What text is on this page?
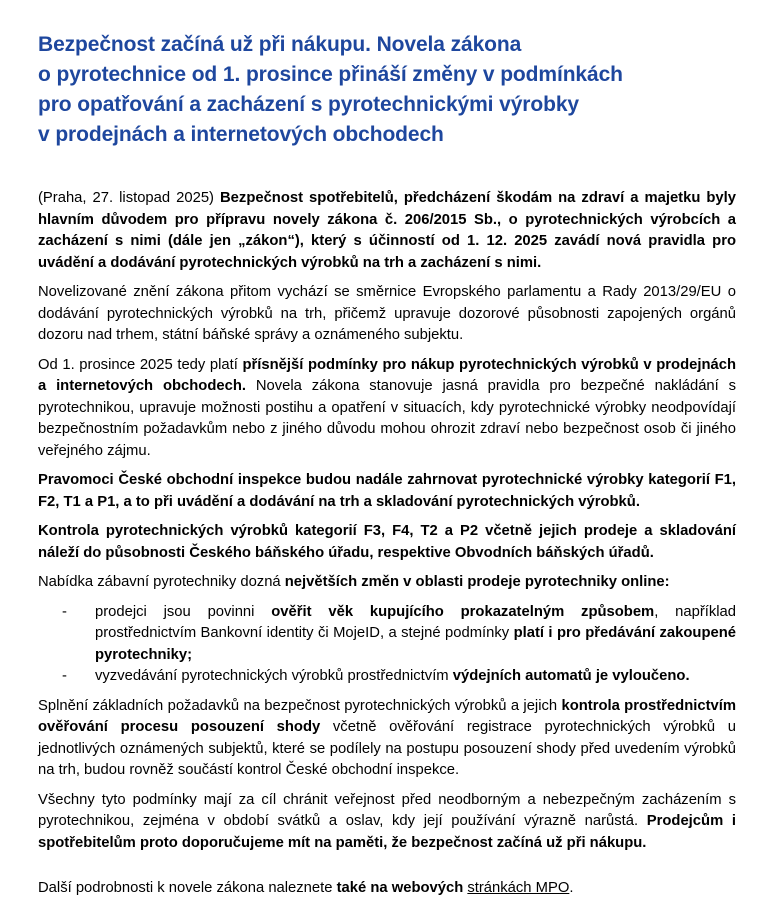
Bezpečnost začíná už při nákupu. Novela zákona
o pyrotechnice od 1. prosince přináší změny v podmínkách
pro opatřování a zacházení s pyrotechnickými výrobky
v prodejnách a internetových obchodech
(Praha, 27. listopad 2025) Bezpečnost spotřebitelů, předcházení škodám na zdraví a majetku byly hlavním důvodem pro přípravu novely zákona č. 206/2015 Sb., o pyrotechnických výrobcích a zacházení s nimi (dále jen „zákon“), který s účinností od 1. 12. 2025 zavádí nová pravidla pro uvádění a dodávání pyrotechnických výrobků na trh a zacházení s nimi.
Novelizované znění zákona přitom vychází se směrnice Evropského parlamentu a Rady 2013/29/EU o dodávání pyrotechnických výrobků na trh, přičemž upravuje dozorové působnosti zapojených orgánů dozoru nad trhem, státní báňské správy a oznámeného subjektu.
Od 1. prosince 2025 tedy platí přísnější podmínky pro nákup pyrotechnických výrobků v prodejnách a internetových obchodech. Novela zákona stanovuje jasná pravidla pro bezpečné nakládání s pyrotechnikou, upravuje možnosti postihu a opatření v situacích, kdy pyrotechnické výrobky neodpovídají bezpečnostním požadavkům nebo z jiného důvodu mohou ohrozit zdraví nebo bezpečnost osob či jiného veřejného zájmu.
Pravomoci České obchodní inspekce budou nadále zahrnovat pyrotechnické výrobky kategorií F1, F2, T1 a P1, a to při uvádění a dodávání na trh a skladování pyrotechnických výrobků.
Kontrola pyrotechnických výrobků kategorií F3, F4, T2 a P2 včetně jejich prodeje a skladování náleží do působnosti Českého báňského úřadu, respektive Obvodních báňských úřadů.
Nabídka zábavní pyrotechniky dozná největších změn v oblasti prodeje pyrotechniky online:
- prodejci jsou povinni ověřit věk kupujícího prokazatelným způsobem, například prostřednictvím Bankovní identity či MojeID, a stejné podmínky platí i pro předávání zakoupené pyrotechniky;
- vyzvedávání pyrotechnických výrobků prostřednictvím výdejních automatů je vyloučeno.
Splnění základních požadavků na bezpečnost pyrotechnických výrobků a jejich kontrola prostřednictvím ověřování procesu posouzení shody včetně ověřování registrace pyrotechnických výrobků u jednotlivých oznámených subjektů, které se podílely na postupu posouzení shody před uvedením výrobků na trh, budou rovněž součástí kontrol České obchodní inspekce.
Všechny tyto podmínky mají za cíl chránit veřejnost před neodborným a nebezpečným zacházením s pyrotechnikou, zejména v období svátků a oslav, kdy její používání výrazně narůstá. Prodejcům i spotřebitelům proto doporučujeme mít na paměti, že bezpečnost začíná už při nákupu.
Další podrobnosti k novele zákona naleznete také na webových stránkách MPO.
